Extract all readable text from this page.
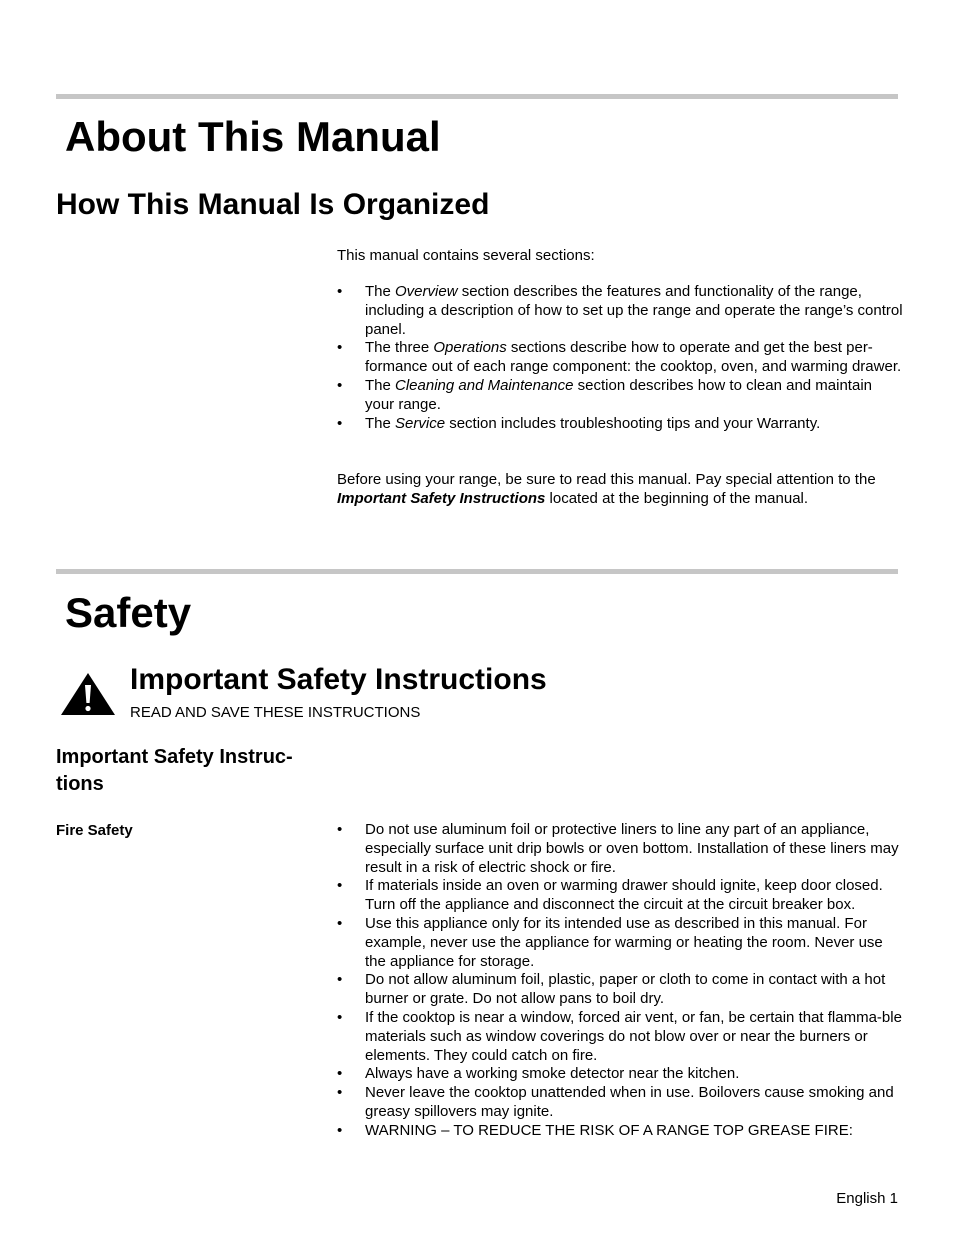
About This Manual
How This Manual Is Organized
This manual contains several sections:
• The Overview section describes the features and functionality of the range, including a description of how to set up the range and operate the range’s control panel.
• The three Operations sections describe how to operate and get the best per-formance out of each range component: the cooktop, oven, and warming drawer.
• The Cleaning and Maintenance section describes how to clean and maintain your range.
• The Service section includes troubleshooting tips and your Warranty.

Before using your range, be sure to read this manual. Pay special attention to the Important Safety Instructions located at the beginning of the manual.

Safety
Important Safety Instructions
READ AND SAVE THESE INSTRUCTIONS
Important Safety Instruc-tions
Fire Safety	• Do not use aluminum foil or protective liners to line any part of an appliance, especially surface unit drip bowls or oven bottom. Installation of these liners may result in a risk of electric shock or fire.
• If materials inside an oven or warming drawer should ignite, keep door closed. Turn off the appliance and disconnect the circuit at the circuit breaker box.
• Use this appliance only for its intended use as described in this manual. For example, never use the appliance for warming or heating the room. Never use the appliance for storage.
• Do not allow aluminum foil, plastic, paper or cloth to come in contact with a hot burner or grate. Do not allow pans to boil dry.
• If the cooktop is near a window, forced air vent, or fan, be certain that flamma-ble materials such as window coverings do not blow over or near the burners or elements. They could catch on fire.
• Always have a working smoke detector near the kitchen.
• Never leave the cooktop unattended when in use. Boilovers cause smoking and greasy spillovers may ignite.
• WARNING – TO REDUCE THE RISK OF A RANGE TOP GREASE FIRE:
English 1
